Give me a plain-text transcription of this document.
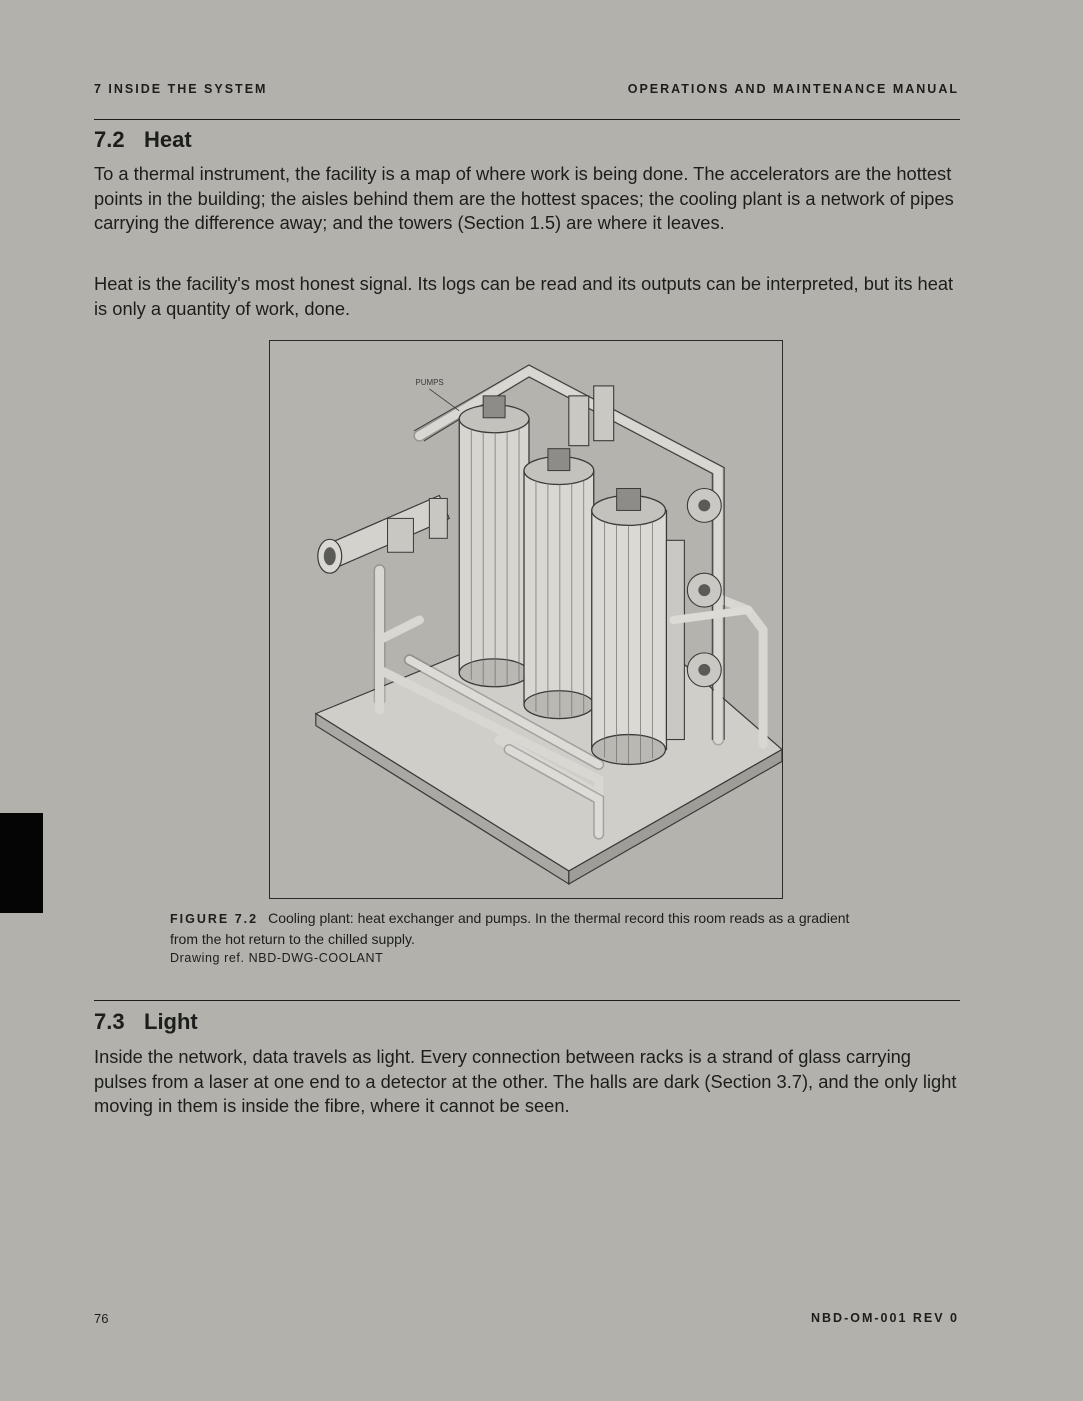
7 INSIDE THE SYSTEM	OPERATIONS AND MAINTENANCE MANUAL
7.2 Heat

To a thermal instrument, the facility is a map of where work is being done. The accelerators are the hottest points in the building; the aisles behind them are the hottest spaces; the cooling plant is a network of pipes carrying the difference away; and the towers (Section 1.5) are where it leaves.

Heat is the facility's most honest signal. Its logs can be read and its outputs can be interpreted, but its heat is only a quantity of work, done.

PUMPS
FIGURE 7.2 Cooling plant: heat exchanger and pumps. In the thermal record this room reads as a gradient from the hot return to the chilled supply.
Drawing ref. NBD-DWG-COOLANT
7.3 Light

Inside the network, data travels as light. Every connection between racks is a strand of glass carrying pulses from a laser at one end to a detector at the other. The halls are dark (Section 3.7), and the only light moving in them is inside the fibre, where it cannot be seen.

76	NBD-OM-001 REV 0
